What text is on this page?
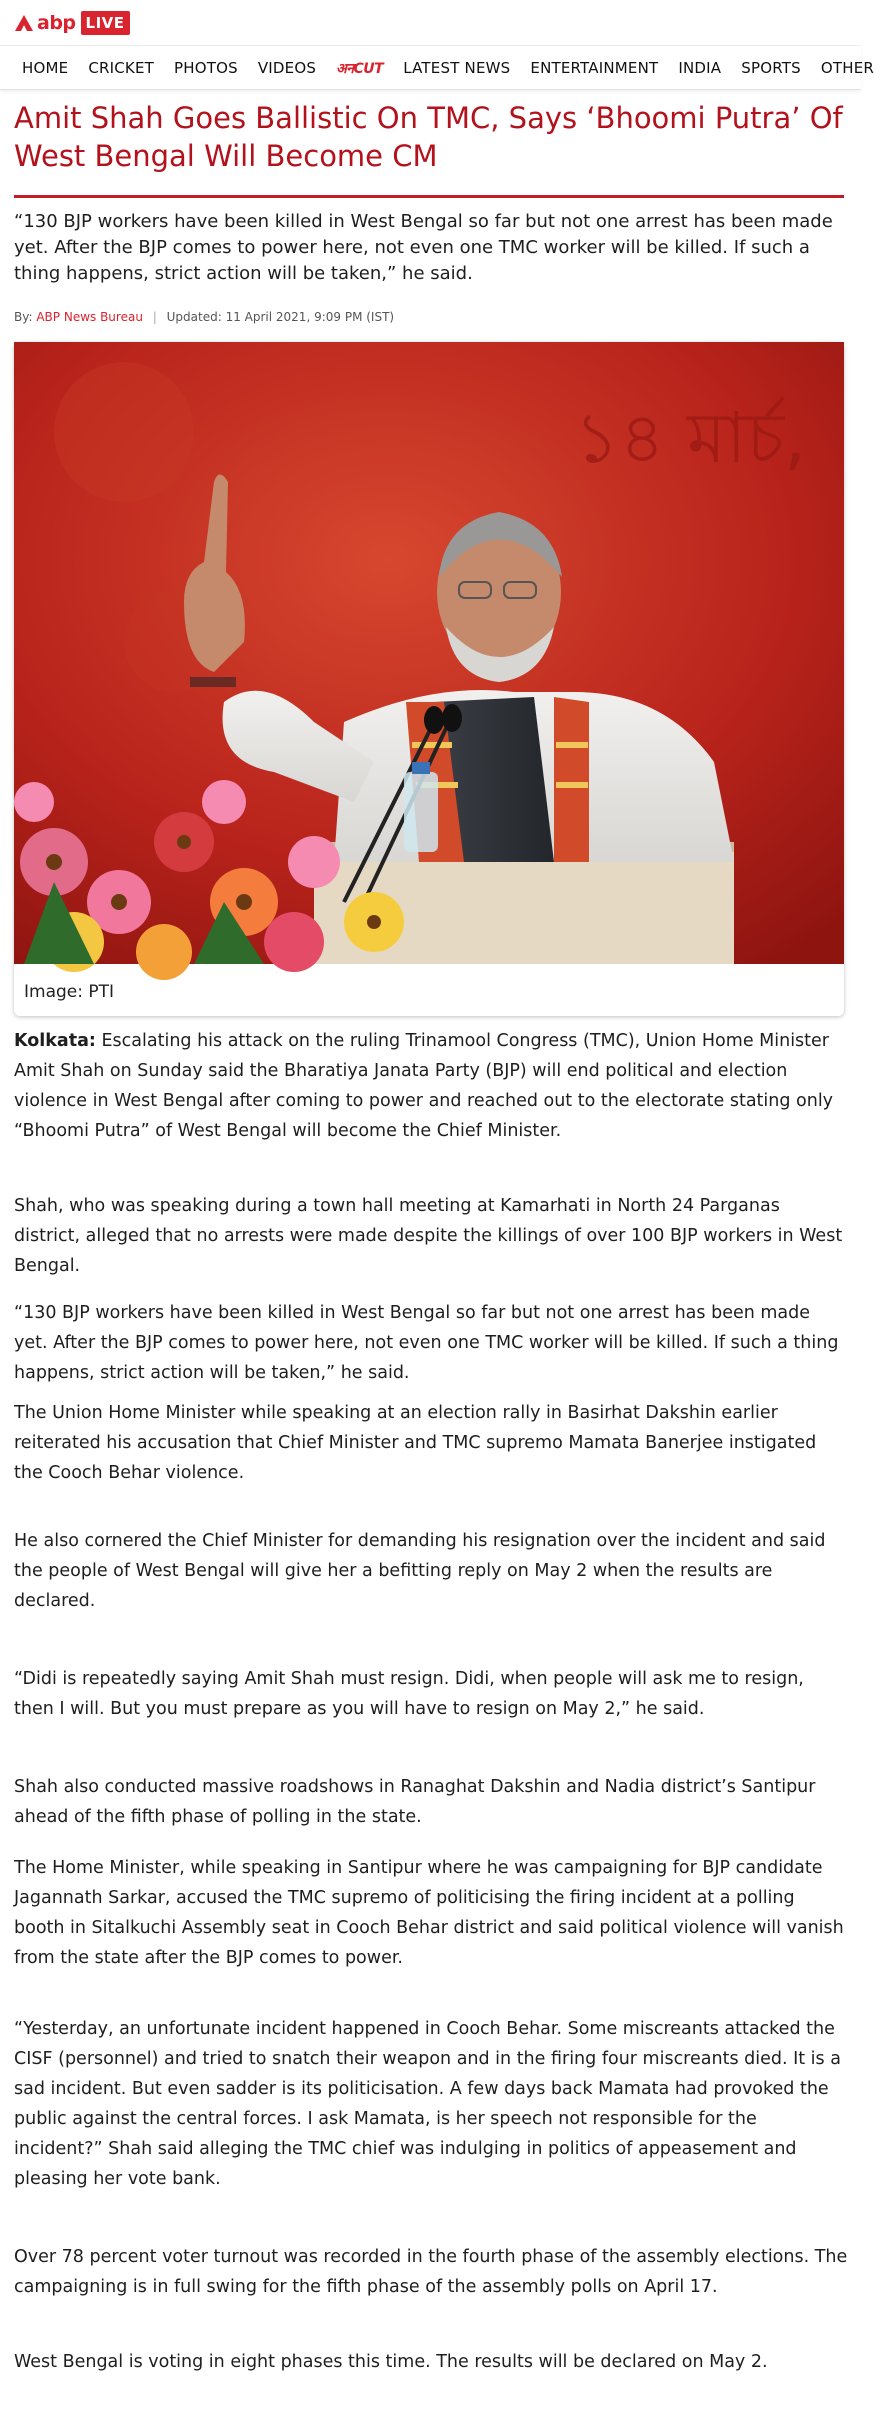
abp LIVE
HOME CRICKET PHOTOS VIDEOS अनCUT LATEST NEWS ENTERTAINMENT INDIA SPORTS OTHER
Amit Shah Goes Ballistic On TMC, Says ‘Bhoomi Putra’ Of West Bengal Will Become CM

“130 BJP workers have been killed in West Bengal so far but not one arrest has been made yet. After the BJP comes to power here, not even one TMC worker will be killed. If such a thing happens, strict action will be taken,” he said.

By: ABP News Bureau | Updated: 11 April 2021, 9:09 PM (IST)
১৪ মার্চ,
Image: PTI

Kolkata: Escalating his attack on the ruling Trinamool Congress (TMC), Union Home Minister Amit Shah on Sunday said the Bharatiya Janata Party (BJP) will end political and election violence in West Bengal after coming to power and reached out to the electorate stating only “Bhoomi Putra” of West Bengal will become the Chief Minister.

Shah, who was speaking during a town hall meeting at Kamarhati in North 24 Parganas district, alleged that no arrests were made despite the killings of over 100 BJP workers in West Bengal.

“130 BJP workers have been killed in West Bengal so far but not one arrest has been made yet. After the BJP comes to power here, not even one TMC worker will be killed. If such a thing happens, strict action will be taken,” he said.

The Union Home Minister while speaking at an election rally in Basirhat Dakshin earlier reiterated his accusation that Chief Minister and TMC supremo Mamata Banerjee instigated the Cooch Behar violence.

He also cornered the Chief Minister for demanding his resignation over the incident and said the people of West Bengal will give her a befitting reply on May 2 when the results are declared.

“Didi is repeatedly saying Amit Shah must resign. Didi, when people will ask me to resign, then I will. But you must prepare as you will have to resign on May 2,” he said.

Shah also conducted massive roadshows in Ranaghat Dakshin and Nadia district’s Santipur ahead of the fifth phase of polling in the state.

The Home Minister, while speaking in Santipur where he was campaigning for BJP candidate Jagannath Sarkar, accused the TMC supremo of politicising the firing incident at a polling booth in Sitalkuchi Assembly seat in Cooch Behar district and said political violence will vanish from the state after the BJP comes to power.

“Yesterday, an unfortunate incident happened in Cooch Behar. Some miscreants attacked the CISF (personnel) and tried to snatch their weapon and in the firing four miscreants died. It is a sad incident. But even sadder is its politicisation. A few days back Mamata had provoked the public against the central forces. I ask Mamata, is her speech not responsible for the incident?” Shah said alleging the TMC chief was indulging in politics of appeasement and pleasing her vote bank.

Over 78 percent voter turnout was recorded in the fourth phase of the assembly elections. The campaigning is in full swing for the fifth phase of the assembly polls on April 17.

West Bengal is voting in eight phases this time. The results will be declared on May 2.
